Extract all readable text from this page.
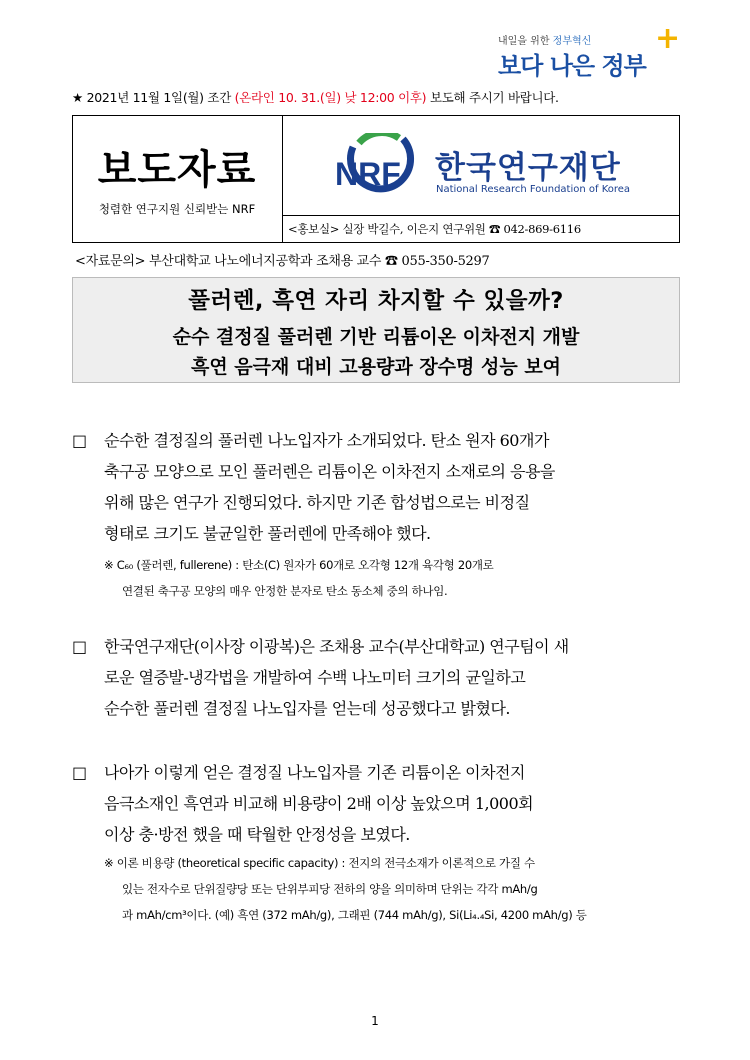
내일을 위한 정부혁신
보다 나은 정부
+
★ 2021년 11월 1일(월) 조간 (온라인 10. 31.(일) 낮 12:00 이후) 보도해 주시기 바랍니다.
보도자료
청렴한 연구지원 신뢰받는 NRF
NRF 한국연구재단
National Research Foundation of Korea
<홍보실> 실장 박길수, 이은지 연구위원 ☎ 042-869-6116
<자료문의> 부산대학교 나노에너지공학과 조채용 교수 ☎ 055-350-5297
풀러렌, 흑연 자리 차지할 수 있을까?
순수 결정질 풀러렌 기반 리튬이온 이차전지 개발
흑연 음극재 대비 고용량과 장수명 성능 보여
□ 순수한 결정질의 풀러렌 나노입자가 소개되었다. 탄소 원자 60개가
축구공 모양으로 모인 풀러렌은 리튬이온 이차전지 소재로의 응용을
위해 많은 연구가 진행되었다. 하지만 기존 합성법으로는 비정질
형태로 크기도 불균일한 풀러렌에 만족해야 했다.
※ C₆₀ (풀러렌, fullerene) : 탄소(C) 원자가 60개로 오각형 12개 육각형 20개로
연결된 축구공 모양의 매우 안정한 분자로 탄소 동소체 중의 하나임.
□ 한국연구재단(이사장 이광복)은 조채용 교수(부산대학교) 연구팀이 새
로운 열증발-냉각법을 개발하여 수백 나노미터 크기의 균일하고
순수한 풀러렌 결정질 나노입자를 얻는데 성공했다고 밝혔다.
□ 나아가 이렇게 얻은 결정질 나노입자를 기존 리튬이온 이차전지
음극소재인 흑연과 비교해 비용량이 2배 이상 높았으며 1,000회
이상 충·방전 했을 때 탁월한 안정성을 보였다.
※ 이론 비용량 (theoretical specific capacity) : 전지의 전극소재가 이론적으로 가질 수
있는 전자수로 단위질량당 또는 단위부피당 전하의 양을 의미하며 단위는 각각 mAh/g
과 mAh/cm³이다. (예) 흑연 (372 mAh/g), 그래핀 (744 mAh/g), Si(Li₄.₄Si, 4200 mAh/g) 등
1
